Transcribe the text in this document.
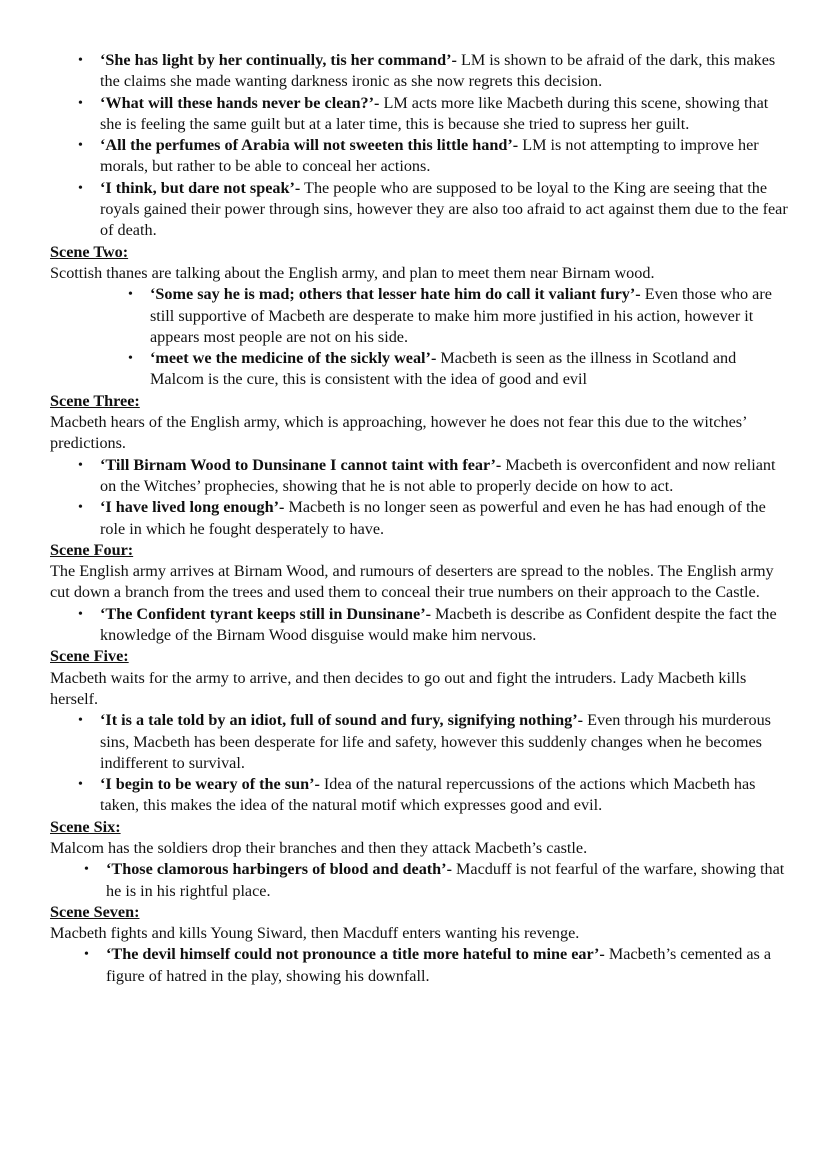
• ‘She has light by her continually, tis her command’- LM is shown to be afraid of the dark, this makes the claims she made wanting darkness ironic as she now regrets this decision.
• ‘What will these hands never be clean?’- LM acts more like Macbeth during this scene, showing that she is feeling the same guilt but at a later time, this is because she tried to supress her guilt.
• ‘All the perfumes of Arabia will not sweeten this little hand’- LM is not attempting to improve her morals, but rather to be able to conceal her actions.
• ‘I think, but dare not speak’- The people who are supposed to be loyal to the King are seeing that the royals gained their power through sins, however they are also too afraid to act against them due to the fear of death.

Scene Two:

Scottish thanes are talking about the English army, and plan to meet them near Birnam wood.

• ‘Some say he is mad; others that lesser hate him do call it valiant fury’- Even those who are still supportive of Macbeth are desperate to make him more justified in his action, however it appears most people are not on his side.
• ‘meet we the medicine of the sickly weal’- Macbeth is seen as the illness in Scotland and Malcom is the cure, this is consistent with the idea of good and evil

Scene Three:

Macbeth hears of the English army, which is approaching, however he does not fear this due to the witches’ predictions.

• ‘Till Birnam Wood to Dunsinane I cannot taint with fear’- Macbeth is overconfident and now reliant on the Witches’ prophecies, showing that he is not able to properly decide on how to act.
• ‘I have lived long enough’- Macbeth is no longer seen as powerful and even he has had enough of the role in which he fought desperately to have.

Scene Four:

The English army arrives at Birnam Wood, and rumours of deserters are spread to the nobles. The English army cut down a branch from the trees and used them to conceal their true numbers on their approach to the Castle.

• ‘The Confident tyrant keeps still in Dunsinane’- Macbeth is describe as Confident despite the fact the knowledge of the Birnam Wood disguise would make him nervous.

Scene Five:

Macbeth waits for the army to arrive, and then decides to go out and fight the intruders. Lady Macbeth kills herself.

• ‘It is a tale told by an idiot, full of sound and fury, signifying nothing’- Even through his murderous sins, Macbeth has been desperate for life and safety, however this suddenly changes when he becomes indifferent to survival.
• ‘I begin to be weary of the sun’- Idea of the natural repercussions of the actions which Macbeth has taken, this makes the idea of the natural motif which expresses good and evil.

Scene Six:

Malcom has the soldiers drop their branches and then they attack Macbeth’s castle.

• ‘Those clamorous harbingers of blood and death’- Macduff is not fearful of the warfare, showing that he is in his rightful place.

Scene Seven:

Macbeth fights and kills Young Siward, then Macduff enters wanting his revenge.

• ‘The devil himself could not pronounce a title more hateful to mine ear’- Macbeth’s cemented as a figure of hatred in the play, showing his downfall.
